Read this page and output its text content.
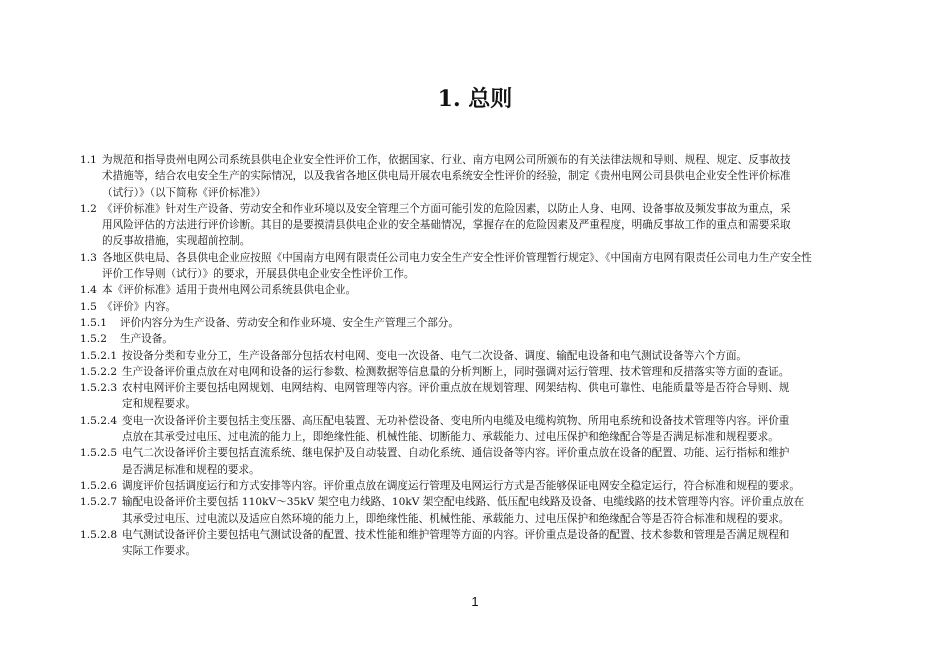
1. 总则
1.1 为规范和指导贵州电网公司系统县供电企业安全性评价工作，依据国家、行业、南方电网公司所颁布的有关法律法规和导则、规程、规定、反事故技
术措施等，结合农电安全生产的实际情况，以及我省各地区供电局开展农电系统安全性评价的经验，制定《贵州电网公司县供电企业安全性评价标准
（试行）》（以下简称《评价标准》）
1.2 《评价标准》针对生产设备、劳动安全和作业环境以及安全管理三个方面可能引发的危险因素，以防止人身、电网、设备事故及频发事故为重点，采
用风险评估的方法进行评价诊断。其目的是要摸清县供电企业的安全基础情况，掌握存在的危险因素及严重程度，明确反事故工作的重点和需要采取
的反事故措施，实现超前控制。
1.3 各地区供电局、各县供电企业应按照《中国南方电网有限责任公司电力安全生产安全性评价管理暂行规定》、《中国南方电网有限责任公司电力生产安全性
评价工作导则（试行）》的要求，开展县供电企业安全性评价工作。
1.4 本《评价标准》适用于贵州电网公司系统县供电企业。
1.5 《评价》内容。
1.5.1	评价内容分为生产设备、劳动安全和作业环境、安全生产管理三个部分。
1.5.2	生产设备。
1.5.2.1 按设备分类和专业分工，生产设备部分包括农村电网、变电一次设备、电气二次设备、调度、输配电设备和电气测试设备等六个方面。
1.5.2.2 生产设备评价重点放在对电网和设备的运行参数、检测数据等信息量的分析判断上，同时强调对运行管理、技术管理和反措落实等方面的查证。
1.5.2.3 农村电网评价主要包括电网规划、电网结构、电网管理等内容。评价重点放在规划管理、网架结构、供电可靠性、电能质量等是否符合导则、规
定和规程要求。
1.5.2.4 变电一次设备评价主要包括主变压器、高压配电装置、无功补偿设备、变电所内电缆及电缆构筑物、所用电系统和设备技术管理等内容。评价重
点放在其承受过电压、过电流的能力上，即绝缘性能、机械性能、切断能力、承载能力、过电压保护和绝缘配合等是否满足标准和规程要求。
1.5.2.5 电气二次设备评价主要包括直流系统、继电保护及自动装置、自动化系统、通信设备等内容。评价重点放在设备的配置、功能、运行指标和维护
是否满足标准和规程的要求。
1.5.2.6 调度评价包括调度运行和方式安排等内容。评价重点放在调度运行管理及电网运行方式是否能够保证电网安全稳定运行，符合标准和规程的要求。
1.5.2.7 输配电设备评价主要包括 110kV～35kV 架空电力线路、10kV 架空配电线路、低压配电线路及设备、电缆线路的技术管理等内容。评价重点放在
其承受过电压、过电流以及适应自然环境的能力上，即绝缘性能、机械性能、承载能力、过电压保护和绝缘配合等是否符合标准和规程的要求。
1.5.2.8 电气测试设备评价主要包括电气测试设备的配置、技术性能和维护管理等方面的内容。评价重点是设备的配置、技术参数和管理是否满足规程和
实际工作要求。
1
